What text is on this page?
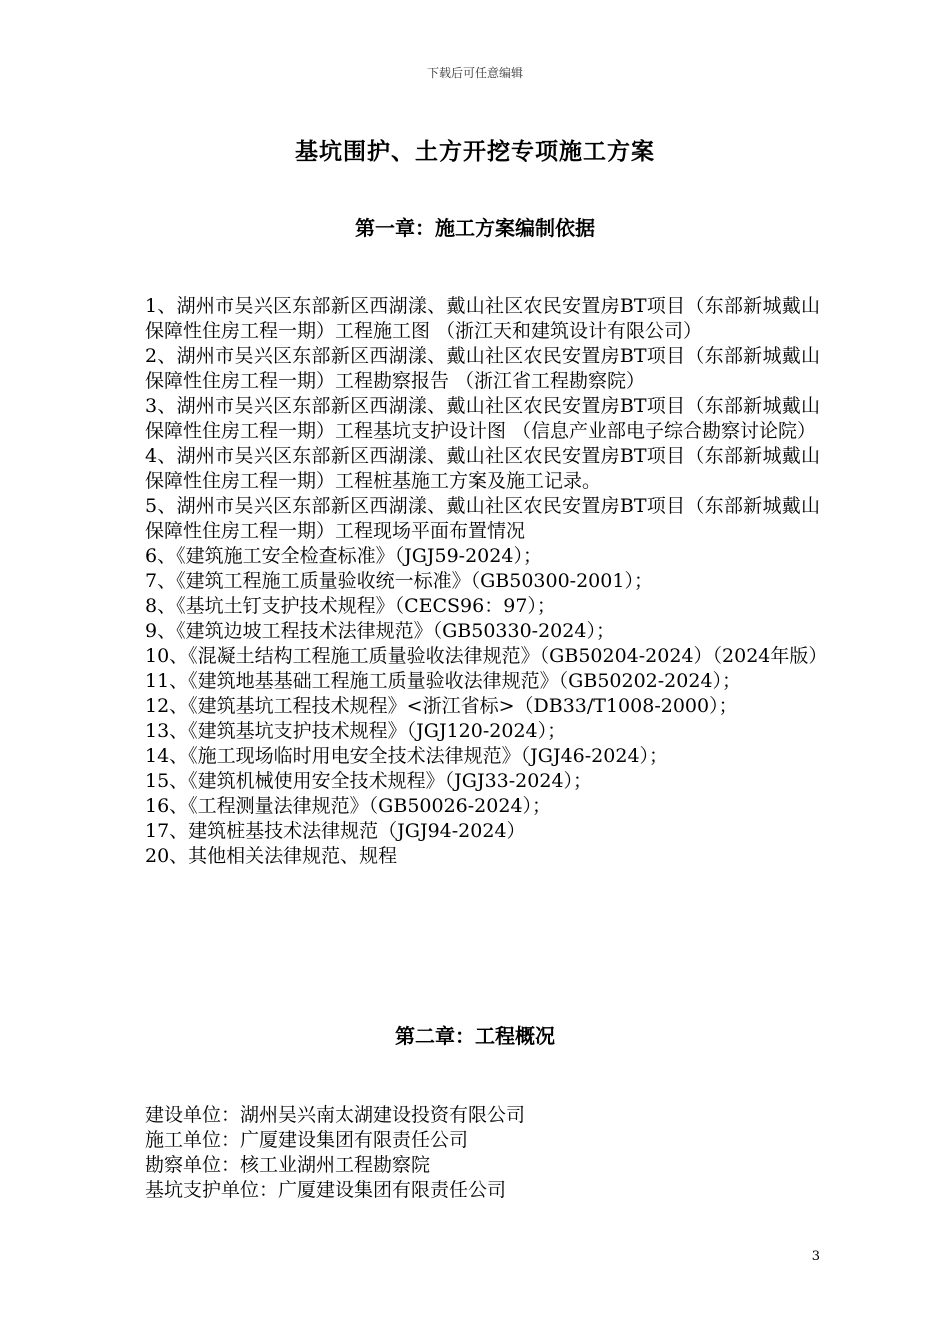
下载后可任意编辑
基坑围护、土方开挖专项施工方案
第一章：施工方案编制依据
1、湖州市吴兴区东部新区西湖漾、戴山社区农民安置房BT项目（东部新城戴山保障性住房工程一期）工程施工图 （浙江天和建筑设计有限公司）
2、湖州市吴兴区东部新区西湖漾、戴山社区农民安置房BT项目（东部新城戴山保障性住房工程一期）工程勘察报告 （浙江省工程勘察院）
3、湖州市吴兴区东部新区西湖漾、戴山社区农民安置房BT项目（东部新城戴山保障性住房工程一期）工程基坑支护设计图 （信息产业部电子综合勘察讨论院）
4、湖州市吴兴区东部新区西湖漾、戴山社区农民安置房BT项目（东部新城戴山保障性住房工程一期）工程桩基施工方案及施工记录。
5、湖州市吴兴区东部新区西湖漾、戴山社区农民安置房BT项目（东部新城戴山保障性住房工程一期）工程现场平面布置情况
6、《建筑施工安全检查标准》（JGJ59-2024）；
7、《建筑工程施工质量验收统一标准》（GB50300-2001）；
8、《基坑土钉支护技术规程》（CECS96：97）；
9、《建筑边坡工程技术法律规范》（GB50330-2024）；
10、《混凝土结构工程施工质量验收法律规范》（GB50204-2024）（2024年版）
11、《建筑地基基础工程施工质量验收法律规范》（GB50202-2024）；
12、《建筑基坑工程技术规程》<浙江省标>（DB33/T1008-2000）；
13、《建筑基坑支护技术规程》（JGJ120-2024）；
14、《施工现场临时用电安全技术法律规范》（JGJ46-2024）；
15、《建筑机械使用安全技术规程》（JGJ33-2024）；
16、《工程测量法律规范》（GB50026-2024）；
17、建筑桩基技术法律规范（JGJ94-2024）
20、其他相关法律规范、规程
第二章：工程概况
建设单位：湖州吴兴南太湖建设投资有限公司
施工单位：广厦建设集团有限责任公司
勘察单位：核工业湖州工程勘察院
基坑支护单位：广厦建设集团有限责任公司
3
